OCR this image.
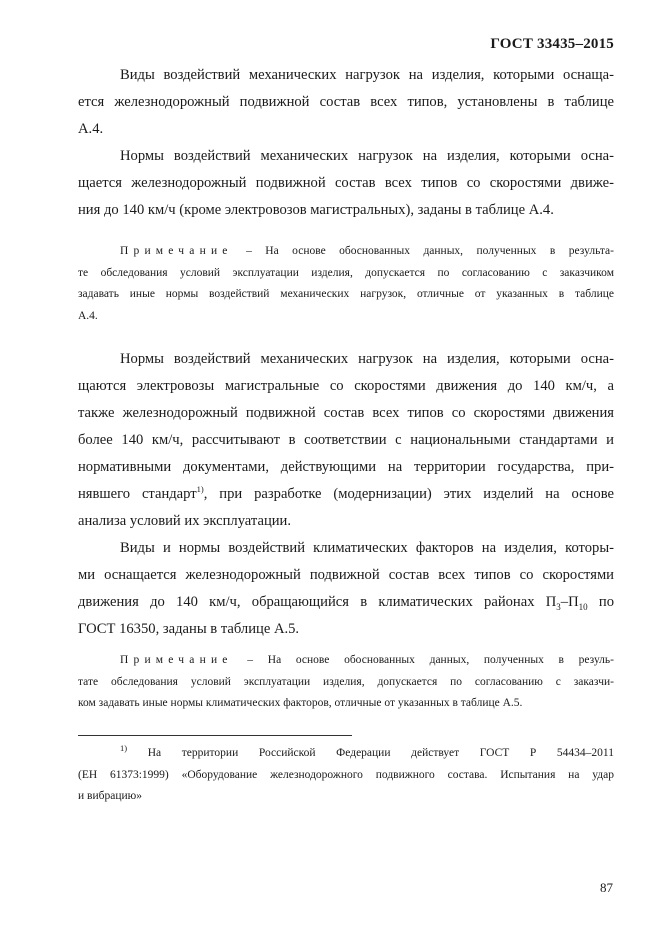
ГОСТ 33435–2015
Виды воздействий механических нагрузок на изделия, которыми оснаща-
ется железнодорожный подвижной состав всех типов, установлены в таблице
А.4.
Нормы воздействий механических нагрузок на изделия, которыми осна-
щается железнодорожный подвижной состав всех типов со скоростями движе-
ния до 140 км/ч (кроме электровозов магистральных), заданы в таблице А.4.
Примечание – На основе обоснованных данных, полученных в результа-
те обследования условий эксплуатации изделия, допускается по согласованию с заказчиком
задавать иные нормы воздействий механических нагрузок, отличные от указанных в таблице
А.4.
Нормы воздействий механических нагрузок на изделия, которыми осна-
щаются электровозы магистральные со скоростями движения до 140 км/ч, а
также железнодорожный подвижной состав всех типов со скоростями движения
более 140 км/ч, рассчитывают в соответствии с национальными стандартами и
нормативными документами, действующими на территории государства, при-
нявшего стандарт$^{1)}$, при разработке (модернизации) этих изделий на основе
анализа условий их эксплуатации.
Виды и нормы воздействий климатических факторов на изделия, которы-
ми оснащается железнодорожный подвижной состав всех типов со скоростями
движения до 140 км/ч, обращающийся в климатических районах $П_3-П_{10}$ по
ГОСТ 16350, заданы в таблице А.5.
Примечание – На основе обоснованных данных, полученных в резуль-
тате обследования условий эксплуатации изделия, допускается по согласованию с заказчи-
ком задавать иные нормы климатических факторов, отличные от указанных в таблице А.5.
$^{1)}$ На территории Российской Федерации действует ГОСТ Р 54434–2011
(ЕН 61373:1999) «Оборудование железнодорожного подвижного состава. Испытания на удар
и вибрацию»
87
